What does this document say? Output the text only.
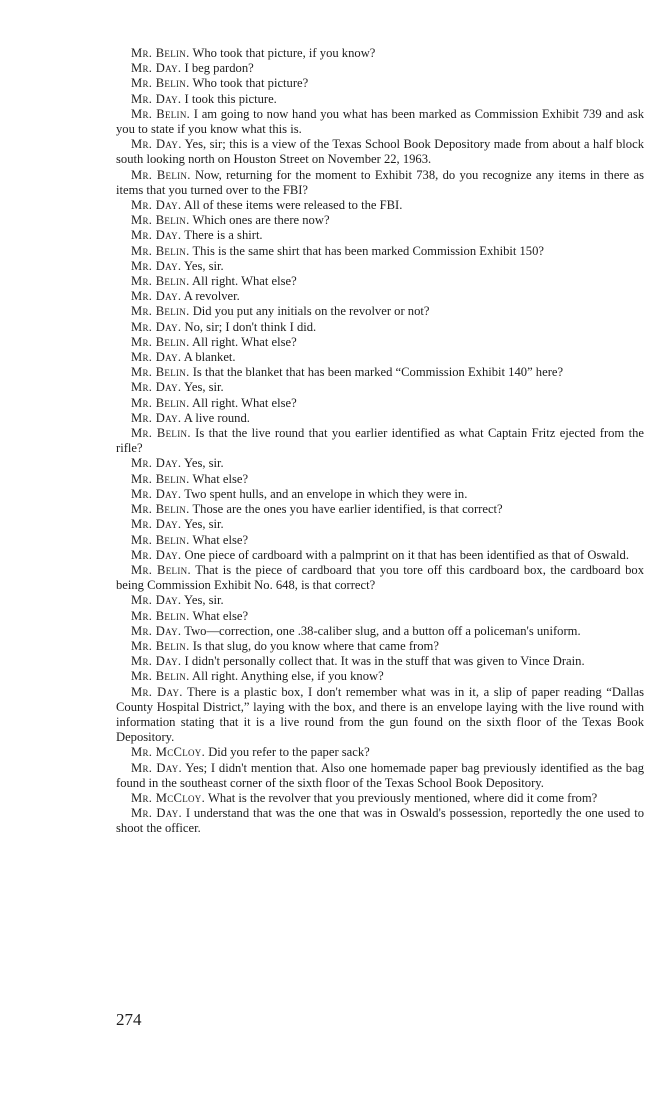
Mr. Belin. Who took that picture, if you know?

Mr. Day. I beg pardon?

Mr. Belin. Who took that picture?

Mr. Day. I took this picture.

Mr. Belin. I am going to now hand you what has been marked as Commission Exhibit 739 and ask you to state if you know what this is.

Mr. Day. Yes, sir; this is a view of the Texas School Book Depository made from about a half block south looking north on Houston Street on November 22, 1963.

Mr. Belin. Now, returning for the moment to Exhibit 738, do you recognize any items in there as items that you turned over to the FBI?

Mr. Day. All of these items were released to the FBI.

Mr. Belin. Which ones are there now?

Mr. Day. There is a shirt.

Mr. Belin. This is the same shirt that has been marked Commission Exhibit 150?

Mr. Day. Yes, sir.

Mr. Belin. All right. What else?

Mr. Day. A revolver.

Mr. Belin. Did you put any initials on the revolver or not?

Mr. Day. No, sir; I don't think I did.

Mr. Belin. All right. What else?

Mr. Day. A blanket.

Mr. Belin. Is that the blanket that has been marked “Commission Exhibit 140” here?

Mr. Day. Yes, sir.

Mr. Belin. All right. What else?

Mr. Day. A live round.

Mr. Belin. Is that the live round that you earlier identified as what Captain Fritz ejected from the rifle?

Mr. Day. Yes, sir.

Mr. Belin. What else?

Mr. Day. Two spent hulls, and an envelope in which they were in.

Mr. Belin. Those are the ones you have earlier identified, is that correct?

Mr. Day. Yes, sir.

Mr. Belin. What else?

Mr. Day. One piece of cardboard with a palmprint on it that has been identified as that of Oswald.

Mr. Belin. That is the piece of cardboard that you tore off this cardboard box, the cardboard box being Commission Exhibit No. 648, is that correct?

Mr. Day. Yes, sir.

Mr. Belin. What else?

Mr. Day. Two—correction, one .38-caliber slug, and a button off a policeman's uniform.

Mr. Belin. Is that slug, do you know where that came from?

Mr. Day. I didn't personally collect that. It was in the stuff that was given to Vince Drain.

Mr. Belin. All right. Anything else, if you know?

Mr. Day. There is a plastic box, I don't remember what was in it, a slip of paper reading “Dallas County Hospital District,” laying with the box, and there is an envelope laying with the live round with information stating that it is a live round from the gun found on the sixth floor of the Texas Book Depository.

Mr. McCloy. Did you refer to the paper sack?

Mr. Day. Yes; I didn't mention that. Also one homemade paper bag previously identified as the bag found in the southeast corner of the sixth floor of the Texas School Book Depository.

Mr. McCloy. What is the revolver that you previously mentioned, where did it come from?

Mr. Day. I understand that was the one that was in Oswald's possession, reportedly the one used to shoot the officer.

274
